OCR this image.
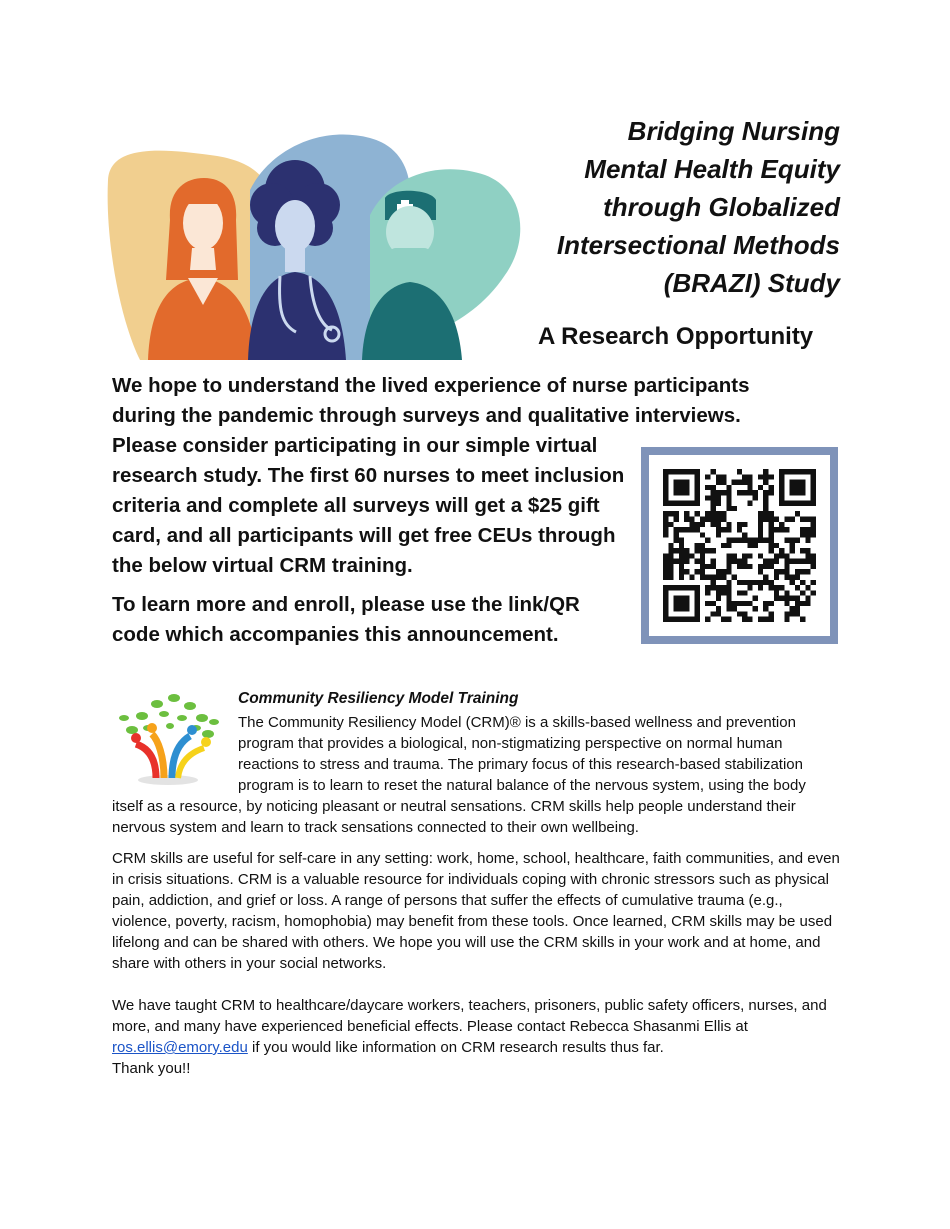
Bridging Nursing
Mental Health Equity
through Globalized
Intersectional Methods
(BRAZI) Study
A Research Opportunity

We hope to understand the lived experience of nurse participants

during the pandemic through surveys and qualitative interviews.

Please consider participating in our simple virtual research study. The first 60 nurses to meet inclusion criteria and complete all surveys will get a $25 gift card, and all participants will get free CEUs through the below virtual CRM training.

To learn more and enroll, please use the link/QR code which accompanies this announcement.

Community Resiliency Model Training
The Community Resiliency Model (CRM)® is a skills-based wellness and prevention
program that provides a biological, non-stigmatizing perspective on normal human
reactions to stress and trauma. The primary focus of this research-based stabilization
program is to learn to reset the natural balance of the nervous system, using the body
itself as a resource, by noticing pleasant or neutral sensations. CRM skills help people understand their nervous system and learn to track sensations connected to their own wellbeing.

CRM skills are useful for self-care in any setting: work, home, school, healthcare, faith communities, and even in crisis situations. CRM is a valuable resource for individuals coping with chronic stressors such as physical pain, addiction, and grief or loss. A range of persons that suffer the effects of cumulative trauma (e.g., violence, poverty, racism, homophobia) may benefit from these tools. Once learned, CRM skills may be used lifelong and can be shared with others. We hope you will use the CRM skills in your work and at home, and share with others in your social networks.

We have taught CRM to healthcare/daycare workers, teachers, prisoners, public safety officers, nurses, and more, and many have experienced beneficial effects. Please contact Rebecca Shasanmi Ellis at ros.ellis@emory.edu if you would like information on CRM research results thus far.

Thank you!!
